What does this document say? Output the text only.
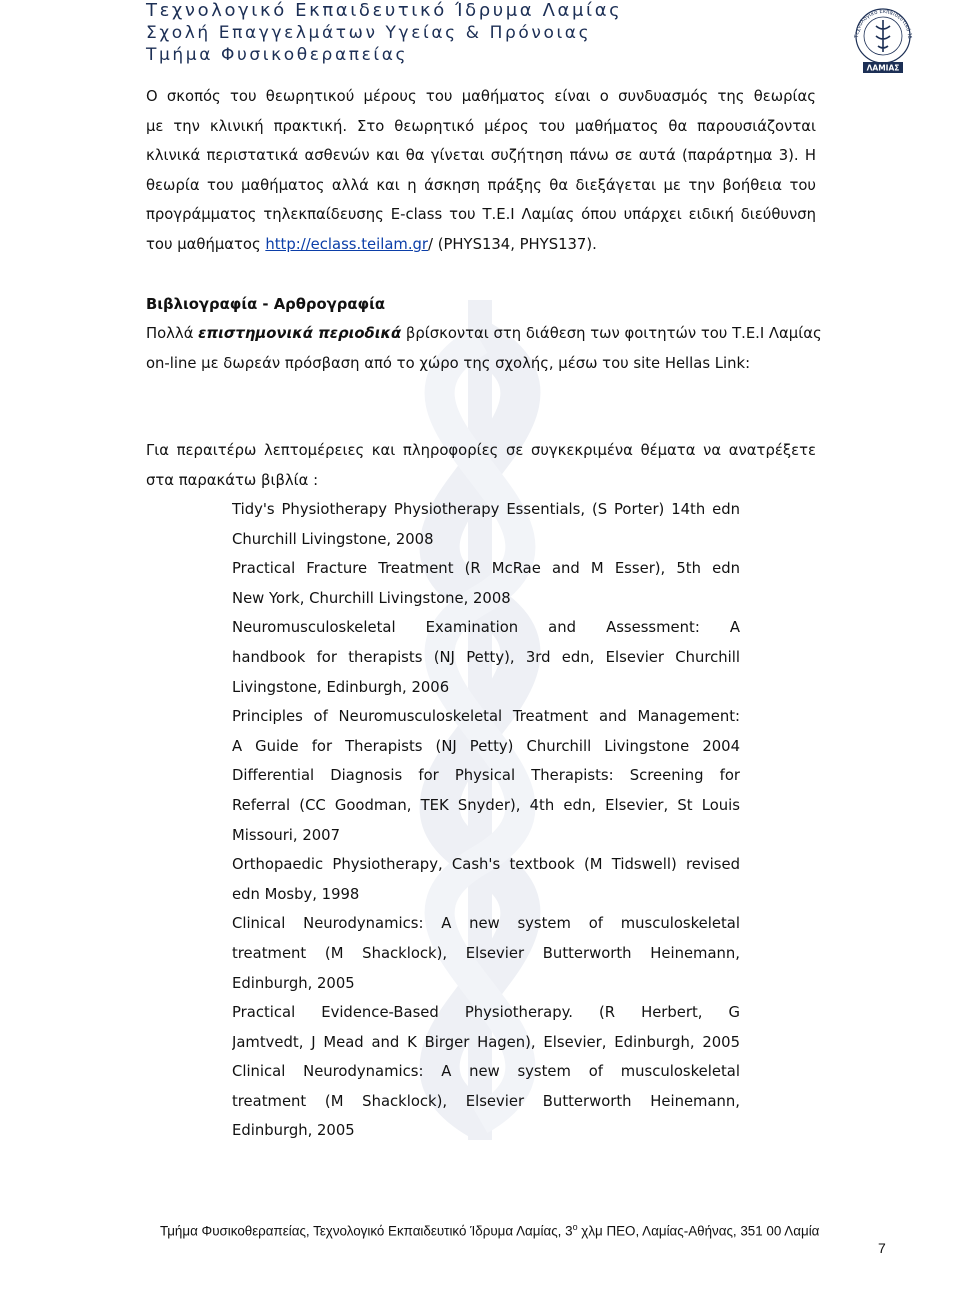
Τεχνολογικό Εκπαιδευτικό Ίδρυμα Λαμίας
Σχολή Επαγγελμάτων Υγείας & Πρόνοιας
Τμήμα Φυσικοθεραπείας
Τεχνολογικό Εκπαιδευτικό Ίδ
ΛΑΜΙΑΣ
Ο σκοπός του θεωρητικού μέρους του μαθήματος είναι ο συνδυασμός της θεωρίας
με την κλινική πρακτική. Στο θεωρητικό μέρος του μαθήματος θα παρουσιάζονται
κλινικά περιστατικά ασθενών και θα γίνεται συζήτηση πάνω σε αυτά (παράρτημα 3). Η
θεωρία του μαθήματος αλλά και η άσκηση πράξης θα διεξάγεται με την βοήθεια του
προγράμματος τηλεκπαίδευσης E-class του Τ.Ε.Ι Λαμίας όπου υπάρχει ειδική διεύθυνση
του μαθήματος http://eclass.teilam.gr/ (PHYS134, PHYS137).
Βιβλιογραφία - Αρθρογραφία
Πολλά επιστημονικά περιοδικά βρίσκονται στη διάθεση των φοιτητών του Τ.Ε.Ι Λαμίας
on-line με δωρεάν πρόσβαση από το χώρο της σχολής, μέσω του site Hellas Link:
Για περαιτέρω λεπτομέρειες και πληροφορίες σε συγκεκριμένα θέματα να ανατρέξετε
στα παρακάτω βιβλία :
Tidy's Physiotherapy Physiotherapy Essentials, (S Porter) 14th edn
Churchill Livingstone, 2008
Practical Fracture Treatment (R McRae and M Esser), 5th edn
New York, Churchill Livingstone, 2008
Neuromusculoskeletal Examination and Assessment: A
handbook for therapists (NJ Petty), 3rd edn, Elsevier Churchill
Livingstone, Edinburgh, 2006
Principles of Neuromusculoskeletal Treatment and Management:
A Guide for Therapists (NJ Petty) Churchill Livingstone 2004
Differential Diagnosis for Physical Therapists: Screening for
Referral (CC Goodman, TEK Snyder), 4th edn, Elsevier, St Louis
Missouri, 2007
Orthopaedic Physiotherapy, Cash's textbook (M Tidswell) revised
edn Mosby, 1998
Clinical Neurodynamics: A new system of musculoskeletal
treatment (M Shacklock), Elsevier Butterworth Heinemann,
Edinburgh, 2005
Practical Evidence-Based Physiotherapy. (R Herbert, G
Jamtvedt, J Mead and K Birger Hagen), Elsevier, Edinburgh, 2005
Clinical Neurodynamics: A new system of musculoskeletal
treatment (M Shacklock), Elsevier Butterworth Heinemann,
Edinburgh, 2005
Τμήμα Φυσικοθεραπείας, Τεχνολογικό Εκπαιδευτικό Ίδρυμα Λαμίας, $3^o$ χλμ ΠΕΟ, Λαμίας-Αθήνας, 351 00 Λαμία
7
